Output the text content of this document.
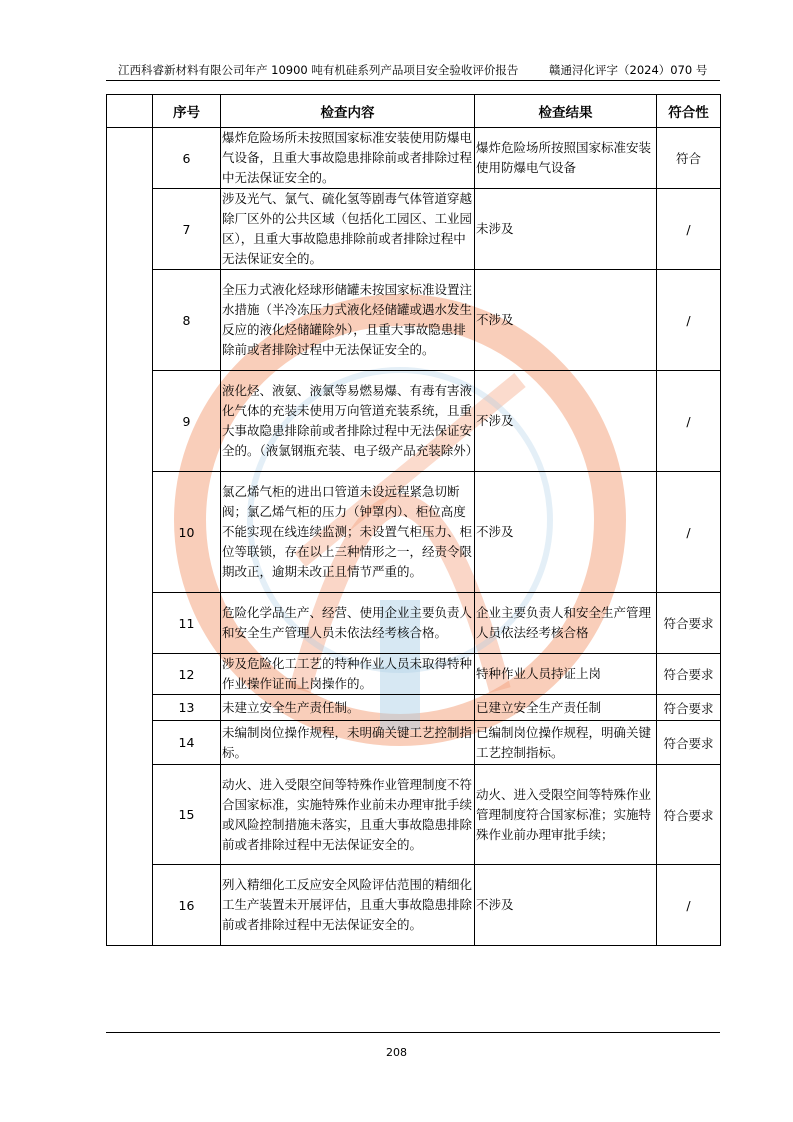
江西科睿新材料有限公司年产 10900 吨有机硅系列产品项目安全验收评价报告	赣通浔化评字（2024）070 号
	序号	检查内容	检查结果	符合性
	6	爆炸危险场所未按照国家标准安装使用防爆电气设备，且重大事故隐患排除前或者排除过程中无法保证安全的。	爆炸危险场所按照国家标准安装使用防爆电气设备	符合
	7	涉及光气、氯气、硫化氢等剧毒气体管道穿越除厂区外的公共区域（包括化工园区、工业园区），且重大事故隐患排除前或者排除过程中无法保证安全的。	未涉及	/
	8	全压力式液化烃球形储罐未按国家标准设置注水措施（半冷冻压力式液化烃储罐或遇水发生反应的液化烃储罐除外），且重大事故隐患排除前或者排除过程中无法保证安全的。	不涉及	/
	9	液化烃、液氨、液氯等易燃易爆、有毒有害液化气体的充装未使用万向管道充装系统，且重大事故隐患排除前或者排除过程中无法保证安全的。（液氯钢瓶充装、电子级产品充装除外）	不涉及	/
	10	氯乙烯气柜的进出口管道未设远程紧急切断阀；氯乙烯气柜的压力（钟罩内）、柜位高度不能实现在线连续监测；未设置气柜压力、柜位等联锁，存在以上三种情形之一，经责令限期改正，逾期未改正且情节严重的。	不涉及	/
	11	危险化学品生产、经营、使用企业主要负责人和安全生产管理人员未依法经考核合格。	企业主要负责人和安全生产管理人员依法经考核合格	符合要求
	12	涉及危险化工工艺的特种作业人员未取得特种作业操作证而上岗操作的。	特种作业人员持证上岗	符合要求
	13	未建立安全生产责任制。	已建立安全生产责任制	符合要求
	14	未编制岗位操作规程，未明确关键工艺控制指标。	已编制岗位操作规程，明确关键工艺控制指标。	符合要求
	15	动火、进入受限空间等特殊作业管理制度不符合国家标准，实施特殊作业前未办理审批手续或风险控制措施未落实，且重大事故隐患排除前或者排除过程中无法保证安全的。	动火、进入受限空间等特殊作业管理制度符合国家标准；实施特殊作业前办理审批手续；	符合要求
	16	列入精细化工反应安全风险评估范围的精细化工生产装置未开展评估，且重大事故隐患排除前或者排除过程中无法保证安全的。	不涉及	/
208
